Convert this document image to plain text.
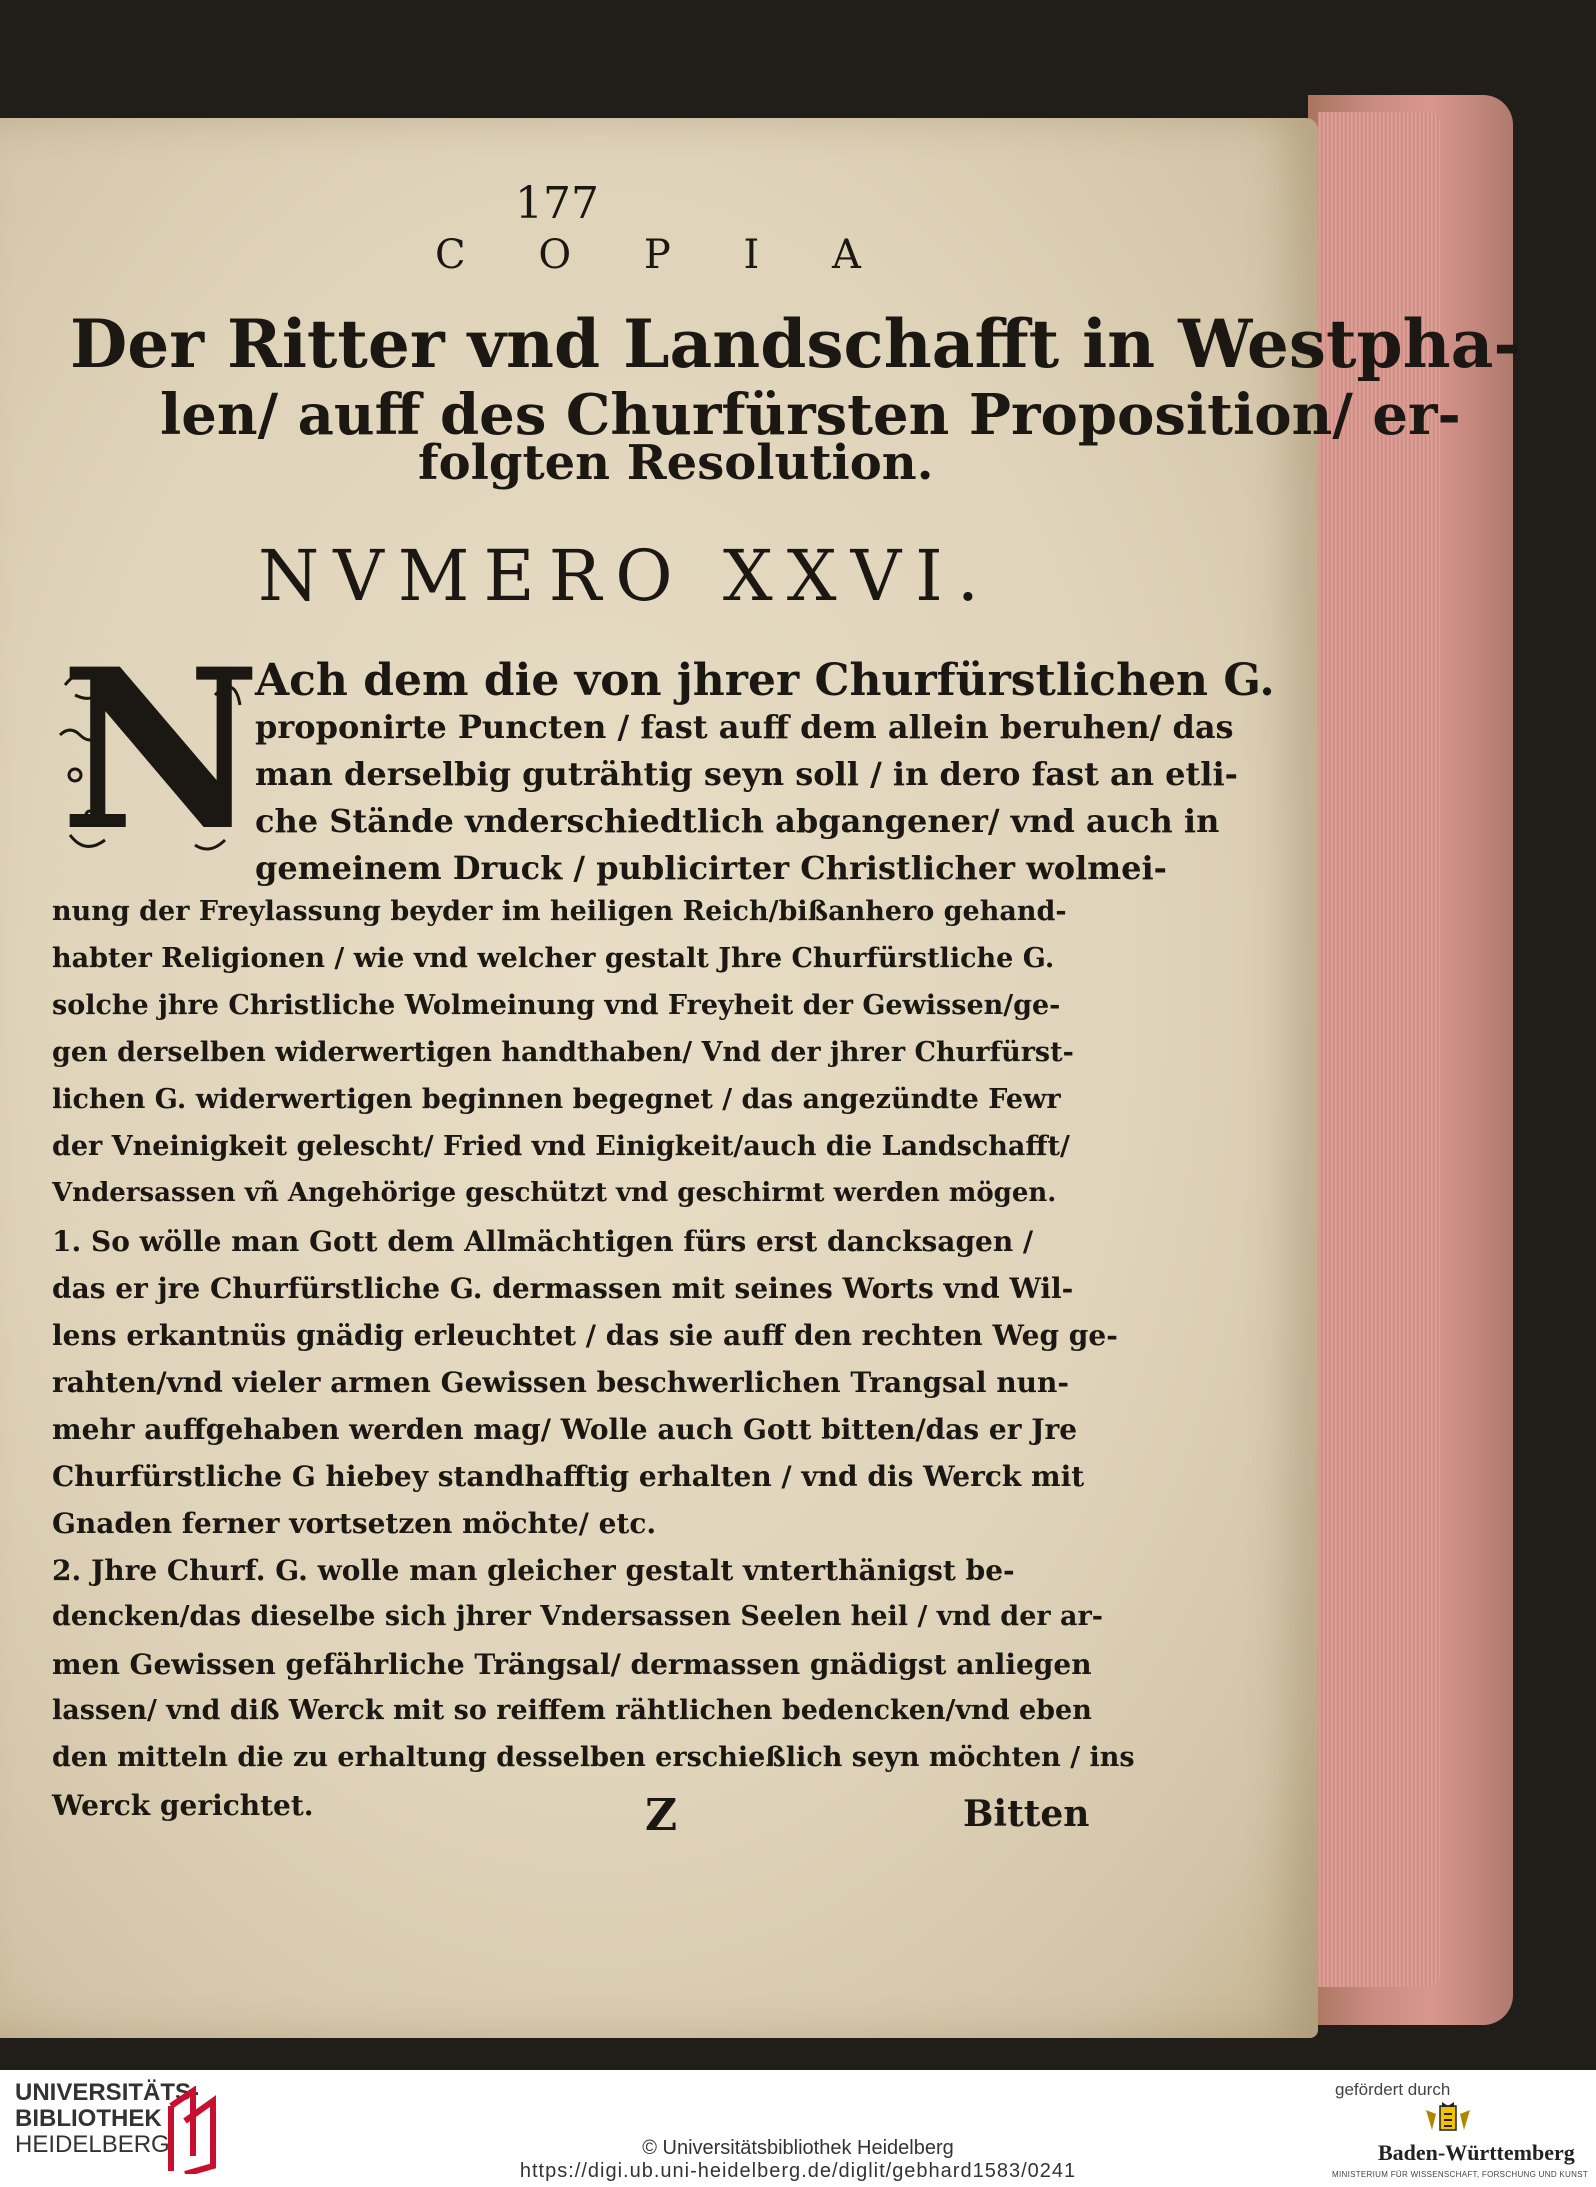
177
C O P I A
Der Ritter vnd Landschafft in Westpha-
len/ auff des Churfürsten Proposition/ er-
folgten Resolution.
NVMERO XXVI.
N
Ach dem die von jhrer Churfürstlichen G.
proponirte Puncten / fast auff dem allein beruhen/ das
man derselbig guträhtig seyn soll / in dero fast an etli-
che Stände vnderschiedtlich abgangener/ vnd auch in
gemeinem Druck / publicirter Christlicher wolmei-
nung der Freylassung beyder im heiligen Reich/bißanhero gehand-
habter Religionen / wie vnd welcher gestalt Jhre Churfürstliche G.
solche jhre Christliche Wolmeinung vnd Freyheit der Gewissen/ge-
gen derselben widerwertigen handthaben/ Vnd der jhrer Churfürst-
lichen G. widerwertigen beginnen begegnet / das angezündte Fewr
der Vneinigkeit gelescht/ Fried vnd Einigkeit/auch die Landschafft/
Vndersassen vñ Angehörige geschützt vnd geschirmt werden mögen.
1. So wölle man Gott dem Allmächtigen fürs erst dancksagen /
das er jre Churfürstliche G. dermassen mit seines Worts vnd Wil-
lens erkantnüs gnädig erleuchtet / das sie auff den rechten Weg ge-
rahten/vnd vieler armen Gewissen beschwerlichen Trangsal nun-
mehr auffgehaben werden mag/ Wolle auch Gott bitten/das er Jre
Churfürstliche G hiebey standhafftig erhalten / vnd dis Werck mit
Gnaden ferner vortsetzen möchte/ etc.
2. Jhre Churf. G. wolle man gleicher gestalt vnterthänigst be-
dencken/das dieselbe sich jhrer Vndersassen Seelen heil / vnd der ar-
men Gewissen gefährliche Trängsal/ dermassen gnädigst anliegen
lassen/ vnd diß Werck mit so reiffem rähtlichen bedencken/vnd eben
den mitteln die zu erhaltung desselben erschießlich seyn möchten / ins
Werck gerichtet.	Z	Bitten
UNIVERSITÄTS-
BIBLIOTHEK
HEIDELBERG	© Universitätsbibliothek Heidelberg
https://digi.ub.uni-heidelberg.de/diglit/gebhard1583/0241
gefördert durch
Baden-Württemberg
MINISTERIUM FÜR WISSENSCHAFT, FORSCHUNG UND KUNST
